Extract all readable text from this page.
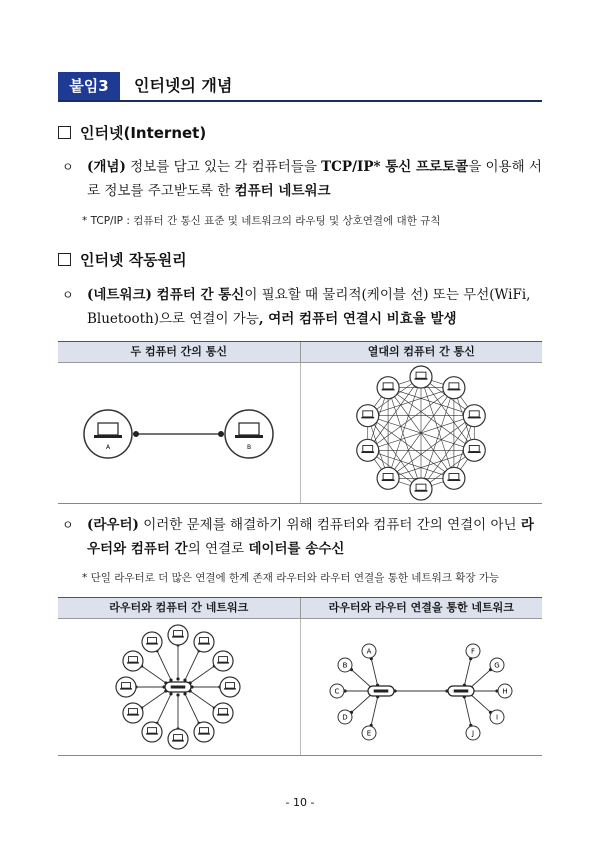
붙임3	인터넷의 개념
인터넷(Internet)
ㅇ (개념) 정보를 담고 있는 각 컴퓨터들을 TCP/IP* 통신 프로토콜을 이용해 서로 정보를 주고받도록 한 컴퓨터 네트워크
* TCP/IP : 컴퓨터 간 통신 표준 및 네트워크의 라우팅 및 상호연결에 대한 규칙
인터넷 작동원리
ㅇ (네트워크) 컴퓨터 간 통신이 필요할 때 물리적(케이블 선) 또는 무선(WiFi, Bluetooth)으로 연결이 가능, 여러 컴퓨터 연결시 비효율 발생
두 컴퓨터 간의 통신	열대의 컴퓨터 간 통신
A	B
ㅇ (라우터) 이러한 문제를 해결하기 위해 컴퓨터와 컴퓨터 간의 연결이 아닌 라우터와 컴퓨터 간의 연결로 데이터를 송수신
* 단일 라우터로 더 많은 연결에 한계 존재 라우터와 라우터 연결을 통한 네트워크 확장 가능
라우터와 컴퓨터 간 네트워크	라우터와 라우터 연결을 통한 네트워크
A
B
C
D
E
F
G
H
I
J
- 10 -
